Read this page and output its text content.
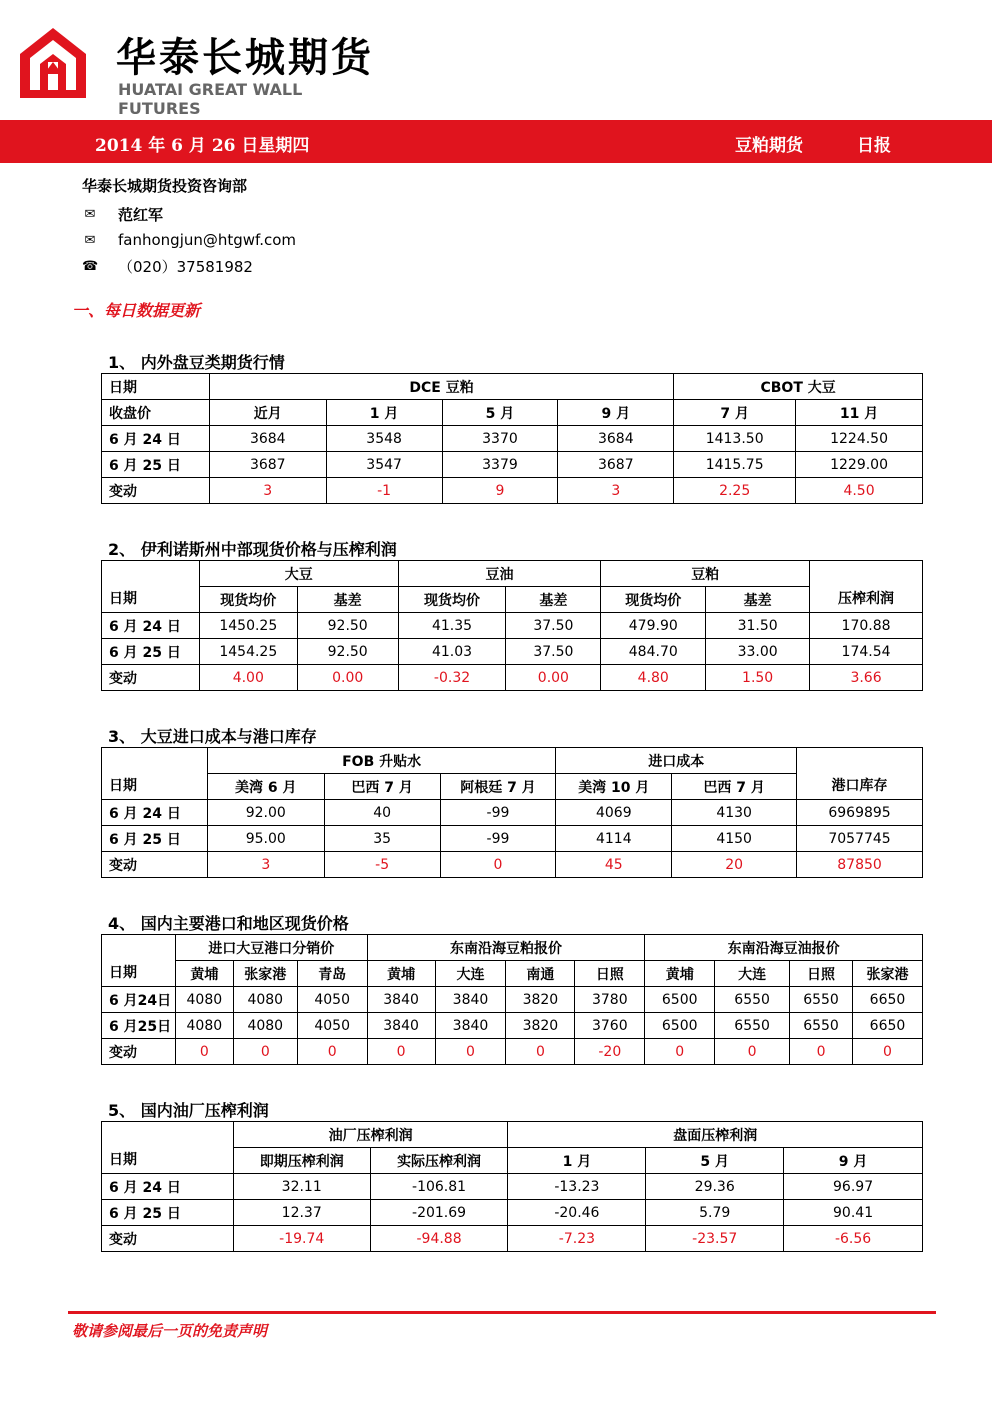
华泰长城期货
HUATAI GREAT WALL FUTURES
2014 年 6 月 26 日星期四	豆粕期货	日报
华泰长城期货投资咨询部
✉ 范红军
✉ fanhongjun@htgwf.com
☎ （020）37581982
一、每日数据更新
1、 内外盘豆类期货行情
日期	DCE 豆粕				CBOT 大豆	
收盘价	近月	1 月	5 月	9 月	7 月	11 月
6 月 24 日	3684	3548	3370	3684	1413.50	1224.50
6 月 25 日	3687	3547	3379	3687	1415.75	1229.00
变动	3	-1	9	3	2.25	4.50
2、 伊利诺斯州中部现货价格与压榨利润
日期	大豆		豆油		豆粕		压榨利润
	现货均价	基差	现货均价	基差	现货均价	基差	
6 月 24 日	1450.25	92.50	41.35	37.50	479.90	31.50	170.88
6 月 25 日	1454.25	92.50	41.03	37.50	484.70	33.00	174.54
变动	4.00	0.00	-0.32	0.00	4.80	1.50	3.66
3、 大豆进口成本与港口库存
日期	FOB 升贴水			进口成本		港口库存
	美湾 6 月	巴西 7 月	阿根廷 7 月	美湾 10 月	巴西 7 月	
6 月 24 日	92.00	40	-99	4069	4130	6969895
6 月 25 日	95.00	35	-99	4114	4150	7057745
变动	3	-5	0	45	20	87850
4、 国内主要港口和地区现货价格
日期	进口大豆港口分销价			东南沿海豆粕报价				东南沿海豆油报价			
	黄埔	张家港	青岛	黄埔	大连	南通	日照	黄埔	大连	日照	张家港
6 月24日	4080	4080	4050	3840	3840	3820	3780	6500	6550	6550	6650
6 月25日	4080	4080	4050	3840	3840	3820	3760	6500	6550	6550	6650
变动	0	0	0	0	0	0	-20	0	0	0	0
5、 国内油厂压榨利润
日期	油厂压榨利润		盘面压榨利润		
	即期压榨利润	实际压榨利润	1 月	5 月	9 月
6 月 24 日	32.11	-106.81	-13.23	29.36	96.97
6 月 25 日	12.37	-201.69	-20.46	5.79	90.41
变动	-19.74	-94.88	-7.23	-23.57	-6.56
敬请参阅最后一页的免责声明
